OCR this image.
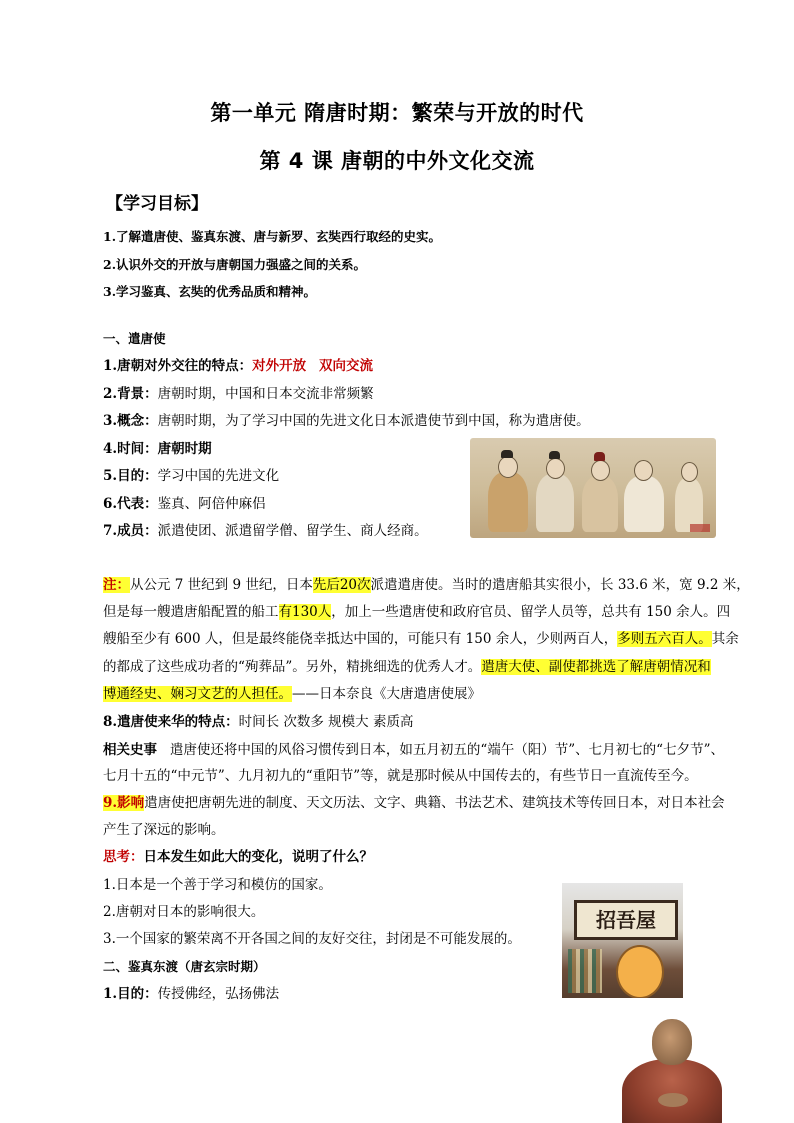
第一单元 隋唐时期：繁荣与开放的时代
第 4 课 唐朝的中外文化交流
【学习目标】
1.了解遣唐使、鉴真东渡、唐与新罗、玄奘西行取经的史实。
2.认识外交的开放与唐朝国力强盛之间的关系。
3.学习鉴真、玄奘的优秀品质和精神。
一、遣唐使
1.唐朝对外交往的特点：对外开放 双向交流
2.背景：唐朝时期，中国和日本交流非常频繁
3.概念：唐朝时期，为了学习中国的先进文化日本派遣使节到中国，称为遣唐使。
4.时间：唐朝时期
5.目的：学习中国的先进文化
6.代表：鉴真、阿倍仲麻侣
7.成员：派遣使团、派遣留学僧、留学生、商人经商。
注：从公元 7 世纪到 9 世纪，日本先后20次派遣遣唐使。当时的遣唐船其实很小，长 33.6 米，宽 9.2 米，
但是每一艘遣唐船配置的船工有130人，加上一些遣唐使和政府官员、留学人员等，总共有 150 余人。四
艘船至少有 600 人，但是最终能侥幸抵达中国的，可能只有 150 余人，少则两百人，多则五六百人。其余
的都成了这些成功者的“殉葬品”。另外，精挑细选的优秀人才。遣唐大使、副使都挑选了解唐朝情况和
博通经史、娴习文艺的人担任。——日本奈良《大唐遣唐使展》
8.遣唐使来华的特点：时间长 次数多 规模大 素质高
相关史事 遣唐使还将中国的风俗习惯传到日本，如五月初五的“端午（阳）节”、七月初七的“七夕节”、
七月十五的“中元节”、九月初九的“重阳节”等，就是那时候从中国传去的，有些节日一直流传至今。
9.影响遣唐使把唐朝先进的制度、天文历法、文字、典籍、书法艺术、建筑技术等传回日本，对日本社会
产生了深远的影响。
思考：日本发生如此大的变化，说明了什么？
1.日本是一个善于学习和模仿的国家。
2.唐朝对日本的影响很大。
3.一个国家的繁荣离不开各国之间的友好交往，封闭是不可能发展的。
二、鉴真东渡（唐玄宗时期）
1.目的：传授佛经，弘扬佛法
招吾屋
